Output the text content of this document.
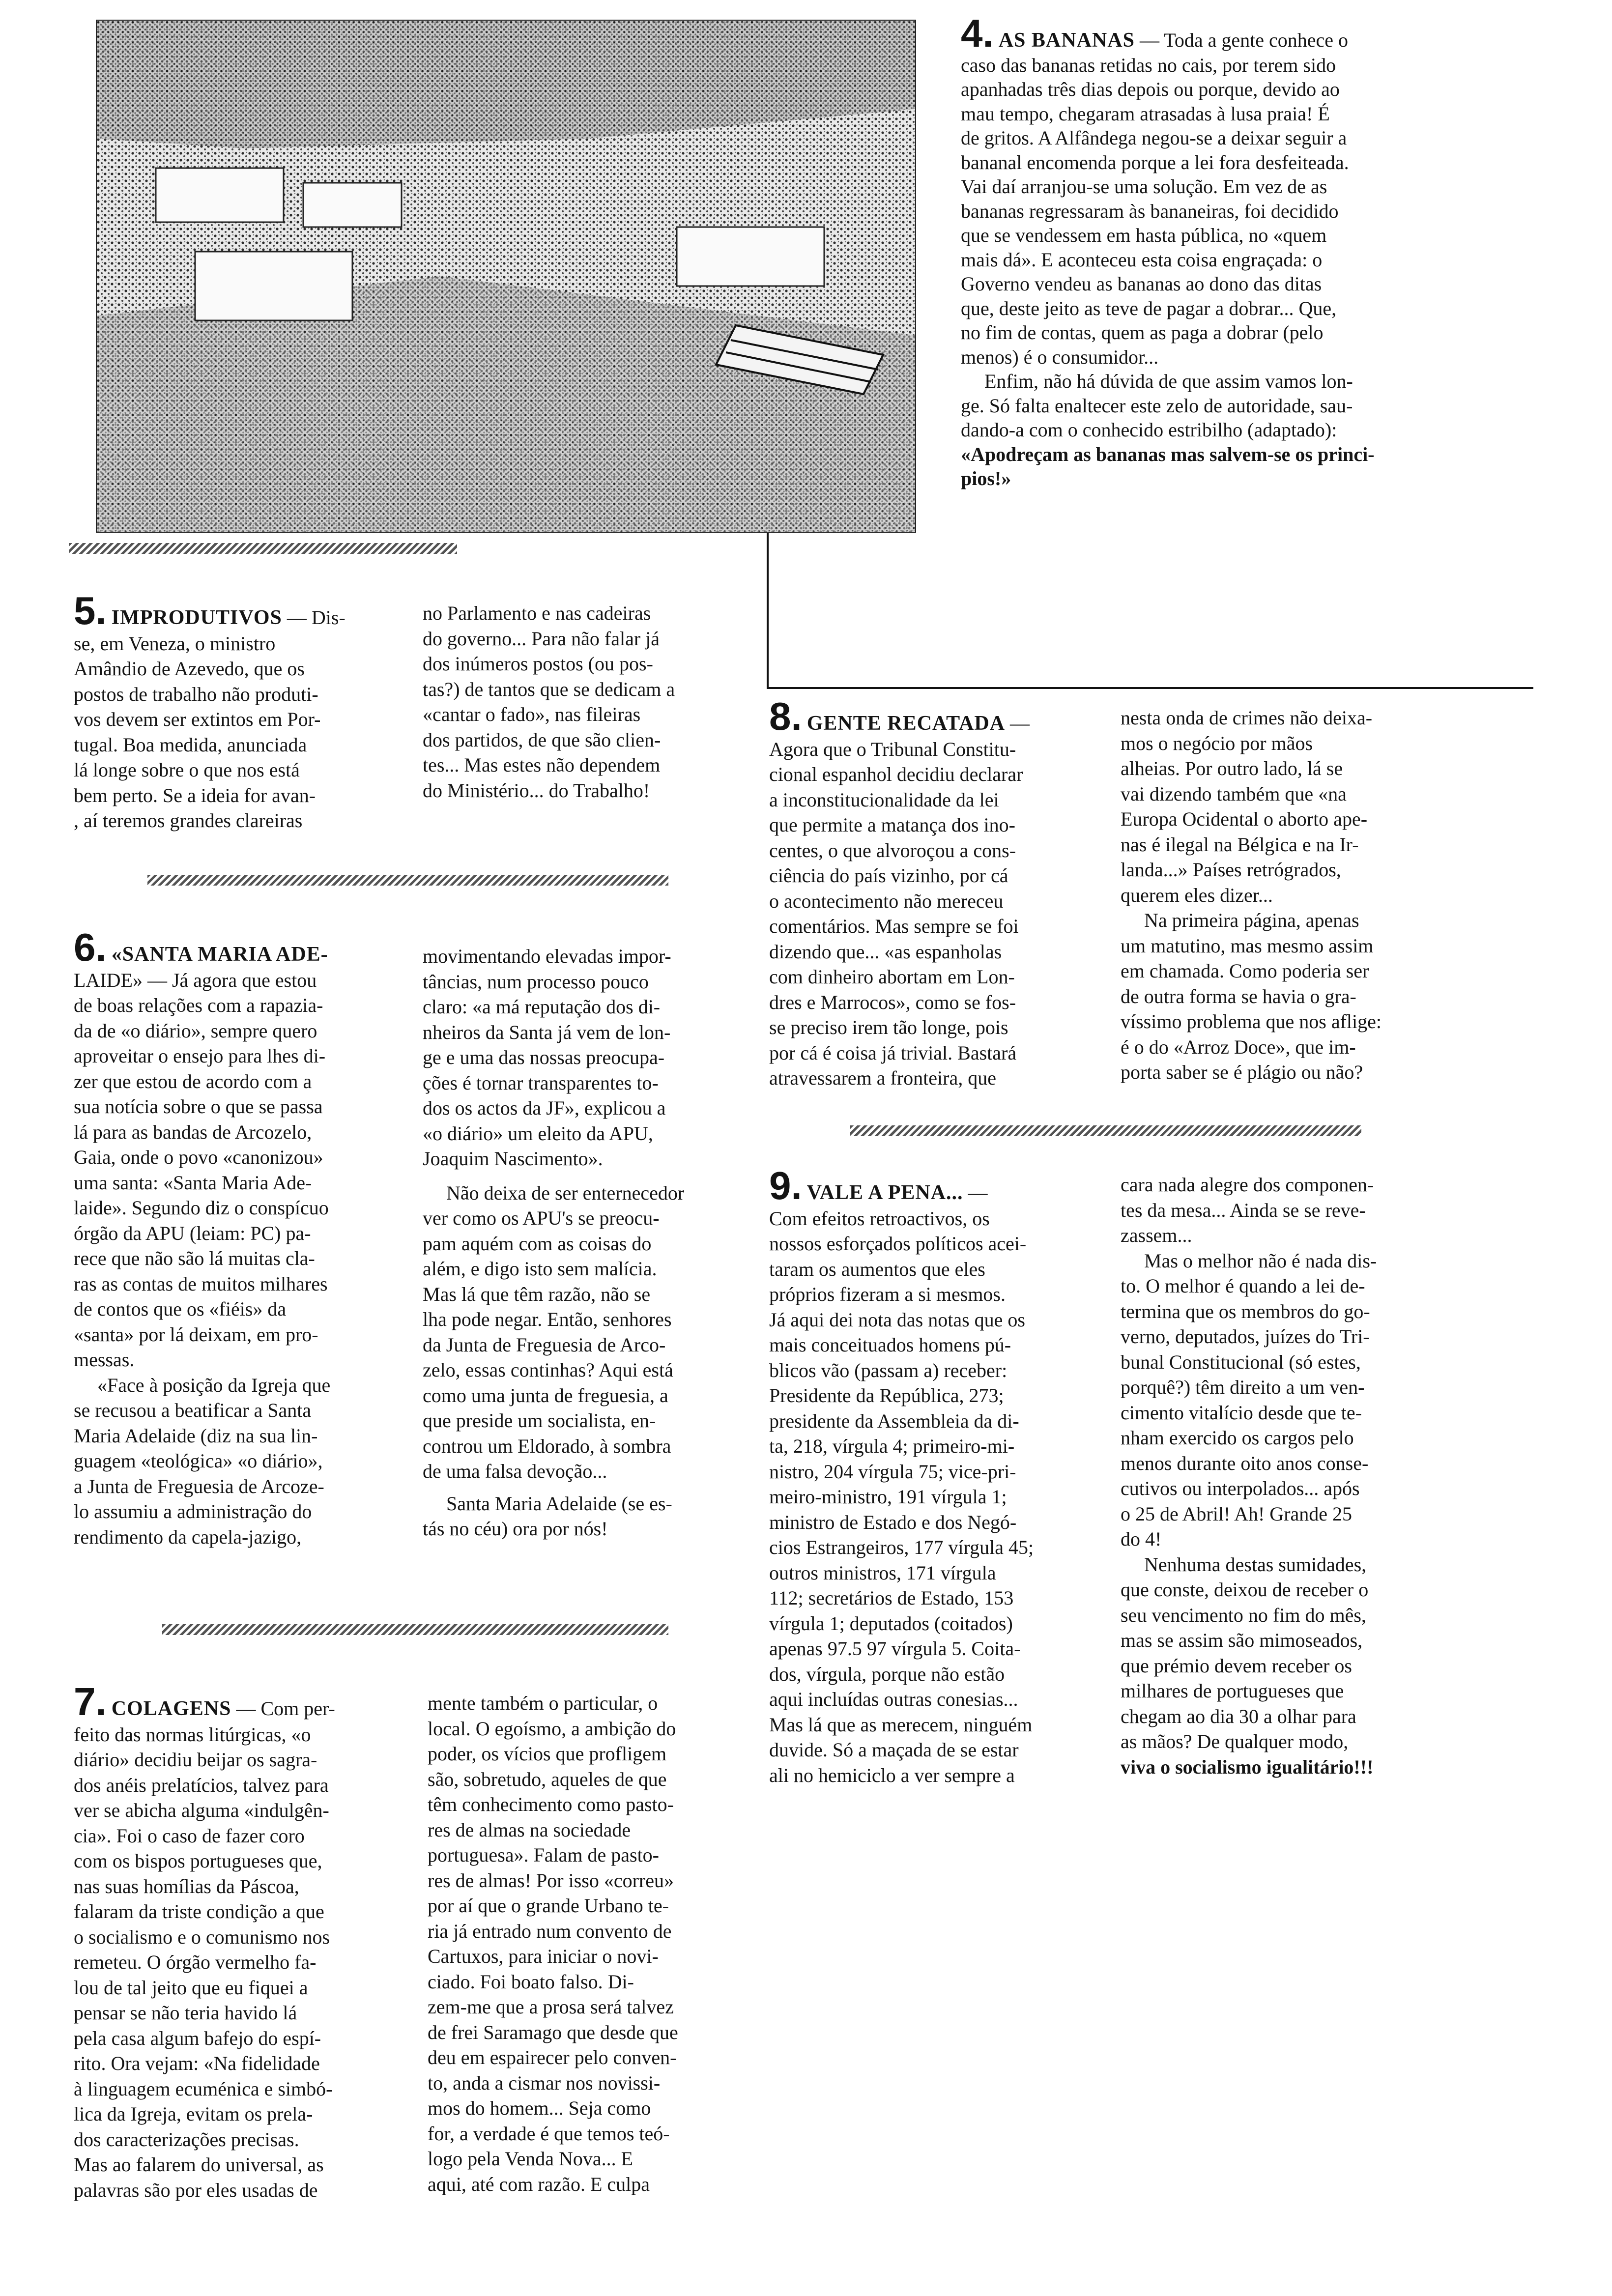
4. AS BANANAS — Toda a gente conhece o

caso das bananas retidas no cais, por terem sido

apanhadas três dias depois ou porque, devido ao

mau tempo, chegaram atrasadas à lusa praia! É

de gritos. A Alfândega negou-se a deixar seguir a

bananal encomenda porque a lei fora desfeiteada.

Vai daí arranjou-se uma solução. Em vez de as

bananas regressaram às bananeiras, foi decidido

que se vendessem em hasta pública, no «quem

mais dá». E aconteceu esta coisa engraçada: o

Governo vendeu as bananas ao dono das ditas

que, deste jeito as teve de pagar a dobrar... Que,

no fim de contas, quem as paga a dobrar (pelo

menos) é o consumidor...

Enfim, não há dúvida de que assim vamos lon-

ge. Só falta enaltecer este zelo de autoridade, sau-

dando-a com o conhecido estribilho (adaptado):

«Apodreçam as bananas mas salvem-se os princi-

pios!»

5. IMPRODUTIVOS — Dis-

se, em Veneza, o ministro

Amândio de Azevedo, que os

postos de trabalho não produti-

vos devem ser extintos em Por-

tugal. Boa medida, anunciada

lá longe sobre o que nos está

bem perto. Se a ideia for avan-

, aí teremos grandes clareiras

no Parlamento e nas cadeiras

do governo... Para não falar já

dos inúmeros postos (ou pos-

tas?) de tantos que se dedicam a

«cantar o fado», nas fileiras

dos partidos, de que são clien-

tes... Mas estes não dependem

do Ministério... do Trabalho!

6. «SANTA MARIA ADE-

LAIDE» — Já agora que estou

de boas relações com a rapazia-

da de «o diário», sempre quero

aproveitar o ensejo para lhes di-

zer que estou de acordo com a

sua notícia sobre o que se passa

lá para as bandas de Arcozelo,

Gaia, onde o povo «canonizou»

uma santa: «Santa Maria Ade-

laide». Segundo diz o conspícuo

órgão da APU (leiam: PC) pa-

rece que não são lá muitas cla-

ras as contas de muitos milhares

de contos que os «fiéis» da

«santa» por lá deixam, em pro-

messas.

«Face à posição da Igreja que

se recusou a beatificar a Santa

Maria Adelaide (diz na sua lin-

guagem «teológica» «o diário»,

a Junta de Freguesia de Arcoze-

lo assumiu a administração do

rendimento da capela-jazigo,

movimentando elevadas impor-

tâncias, num processo pouco

claro: «a má reputação dos di-

nheiros da Santa já vem de lon-

ge e uma das nossas preocupa-

ções é tornar transparentes to-

dos os actos da JF», explicou a

«o diário» um eleito da APU,

Joaquim Nascimento».

Não deixa de ser enternecedor

ver como os APU's se preocu-

pam aquém com as coisas do

além, e digo isto sem malícia.

Mas lá que têm razão, não se

lha pode negar. Então, senhores

da Junta de Freguesia de Arco-

zelo, essas continhas? Aqui está

como uma junta de freguesia, a

que preside um socialista, en-

controu um Eldorado, à sombra

de uma falsa devoção...

Santa Maria Adelaide (se es-

tás no céu) ora por nós!

7. COLAGENS — Com per-

feito das normas litúrgicas, «o

diário» decidiu beijar os sagra-

dos anéis prelatícios, talvez para

ver se abicha alguma «indulgên-

cia». Foi o caso de fazer coro

com os bispos portugueses que,

nas suas homílias da Páscoa,

falaram da triste condição a que

o socialismo e o comunismo nos

remeteu. O órgão vermelho fa-

lou de tal jeito que eu fiquei a

pensar se não teria havido lá

pela casa algum bafejo do espí-

rito. Ora vejam: «Na fidelidade

à linguagem ecuménica e simbó-

lica da Igreja, evitam os prela-

dos caracterizações precisas.

Mas ao falarem do universal, as

palavras são por eles usadas de

mente também o particular, o

local. O egoísmo, a ambição do

poder, os vícios que profligem

são, sobretudo, aqueles de que

têm conhecimento como pasto-

res de almas na sociedade

portuguesa». Falam de pasto-

res de almas! Por isso «correu»

por aí que o grande Urbano te-

ria já entrado num convento de

Cartuxos, para iniciar o novi-

ciado. Foi boato falso. Di-

zem-me que a prosa será talvez

de frei Saramago que desde que

deu em espairecer pelo conven-

to, anda a cismar nos novissi-

mos do homem... Seja como

for, a verdade é que temos teó-

logo pela Venda Nova... E

aqui, até com razão. E culpa

8. GENTE RECATADA —

Agora que o Tribunal Constitu-

cional espanhol decidiu declarar

a inconstitucionalidade da lei

que permite a matança dos ino-

centes, o que alvoroçou a cons-

ciência do país vizinho, por cá

o acontecimento não mereceu

comentários. Mas sempre se foi

dizendo que... «as espanholas

com dinheiro abortam em Lon-

dres e Marrocos», como se fos-

se preciso irem tão longe, pois

por cá é coisa já trivial. Bastará

atravessarem a fronteira, que

nesta onda de crimes não deixa-

mos o negócio por mãos

alheias. Por outro lado, lá se

vai dizendo também que «na

Europa Ocidental o aborto ape-

nas é ilegal na Bélgica e na Ir-

landa...» Países retrógrados,

querem eles dizer...

Na primeira página, apenas

um matutino, mas mesmo assim

em chamada. Como poderia ser

de outra forma se havia o gra-

víssimo problema que nos aflige:

é o do «Arroz Doce», que im-

porta saber se é plágio ou não?

9. VALE A PENA... —

Com efeitos retroactivos, os

nossos esforçados políticos acei-

taram os aumentos que eles

próprios fizeram a si mesmos.

Já aqui dei nota das notas que os

mais conceituados homens pú-

blicos vão (passam a) receber:

Presidente da República, 273;

presidente da Assembleia da di-

ta, 218, vírgula 4; primeiro-mi-

nistro, 204 vírgula 75; vice-pri-

meiro-ministro, 191 vírgula 1;

ministro de Estado e dos Negó-

cios Estrangeiros, 177 vírgula 45;

outros ministros, 171 vírgula

112; secretários de Estado, 153

vírgula 1; deputados (coitados)

apenas 97.5 97 vírgula 5. Coita-

dos, vírgula, porque não estão

aqui incluídas outras conesias...

Mas lá que as merecem, ninguém

duvide. Só a maçada de se estar

ali no hemiciclo a ver sempre a

cara nada alegre dos componen-

tes da mesa... Ainda se se reve-

zassem...

Mas o melhor não é nada dis-

to. O melhor é quando a lei de-

termina que os membros do go-

verno, deputados, juízes do Tri-

bunal Constitucional (só estes,

porquê?) têm direito a um ven-

cimento vitalício desde que te-

nham exercido os cargos pelo

menos durante oito anos conse-

cutivos ou interpolados... após

o 25 de Abril! Ah! Grande 25

do 4!

Nenhuma destas sumidades,

que conste, deixou de receber o

seu vencimento no fim do mês,

mas se assim são mimoseados,

que prémio devem receber os

milhares de portugueses que

chegam ao dia 30 a olhar para

as mãos? De qualquer modo,

viva o socialismo igualitário!!!
